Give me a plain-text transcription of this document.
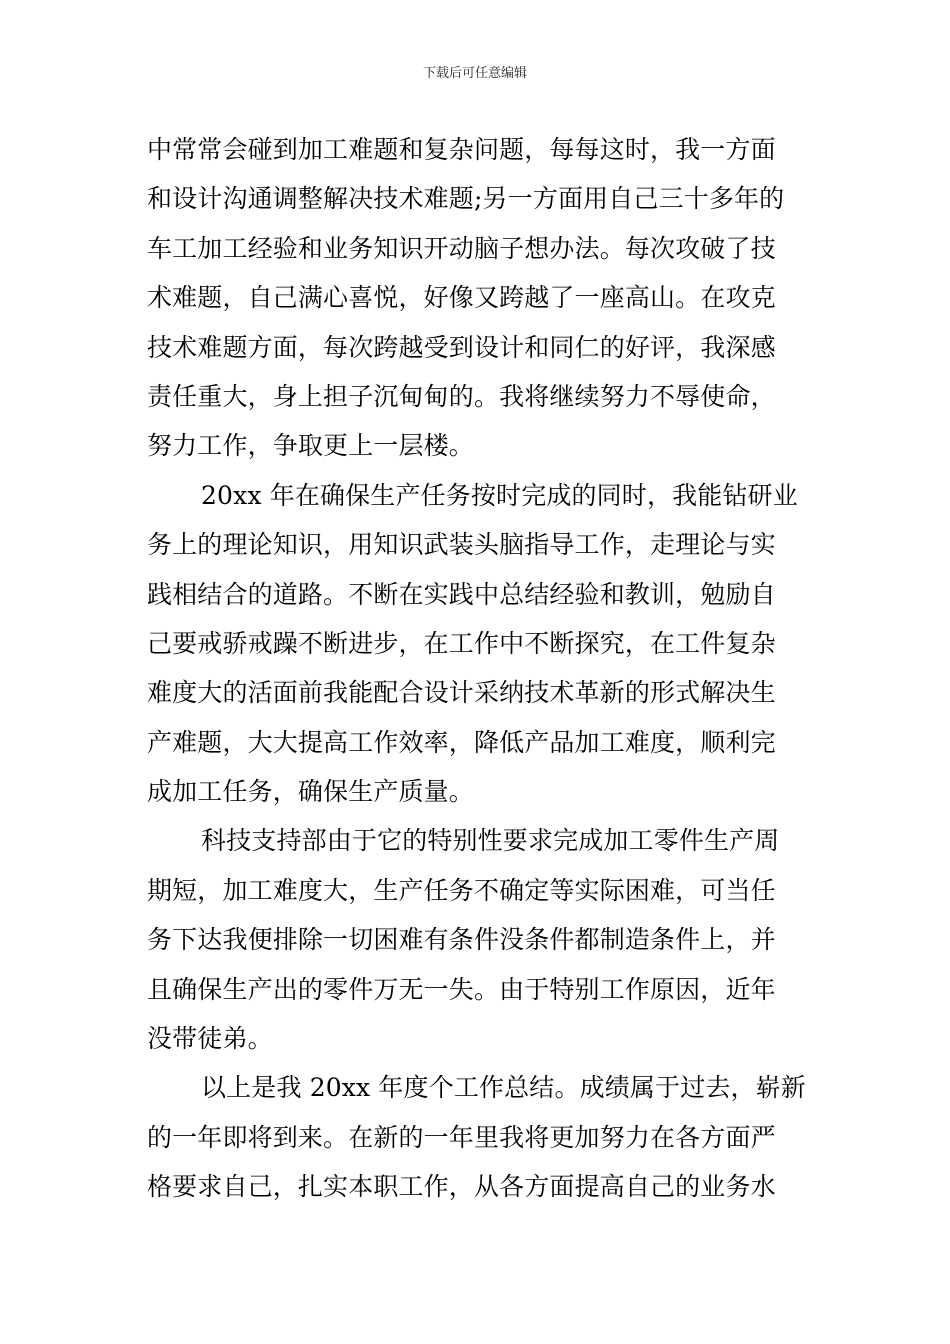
下载后可任意编辑
中常常会碰到加工难题和复杂问题，每每这时，我一方面
和设计沟通调整解决技术难题;另一方面用自己三十多年的
车工加工经验和业务知识开动脑子想办法。每次攻破了技
术难题，自己满心喜悦，好像又跨越了一座高山。在攻克
技术难题方面，每次跨越受到设计和同仁的好评，我深感
责任重大，身上担子沉甸甸的。我将继续努力不辱使命，
努力工作，争取更上一层楼。
20xx 年在确保生产任务按时完成的同时，我能钻研业
务上的理论知识，用知识武装头脑指导工作，走理论与实
践相结合的道路。不断在实践中总结经验和教训，勉励自
己要戒骄戒躁不断进步，在工作中不断探究，在工件复杂
难度大的活面前我能配合设计采纳技术革新的形式解决生
产难题，大大提高工作效率，降低产品加工难度，顺利完
成加工任务，确保生产质量。
科技支持部由于它的特别性要求完成加工零件生产周
期短，加工难度大，生产任务不确定等实际困难，可当任
务下达我便排除一切困难有条件没条件都制造条件上，并
且确保生产出的零件万无一失。由于特别工作原因，近年
没带徒弟。
以上是我 20xx 年度个工作总结。成绩属于过去，崭新
的一年即将到来。在新的一年里我将更加努力在各方面严
格要求自己，扎实本职工作，从各方面提高自己的业务水
